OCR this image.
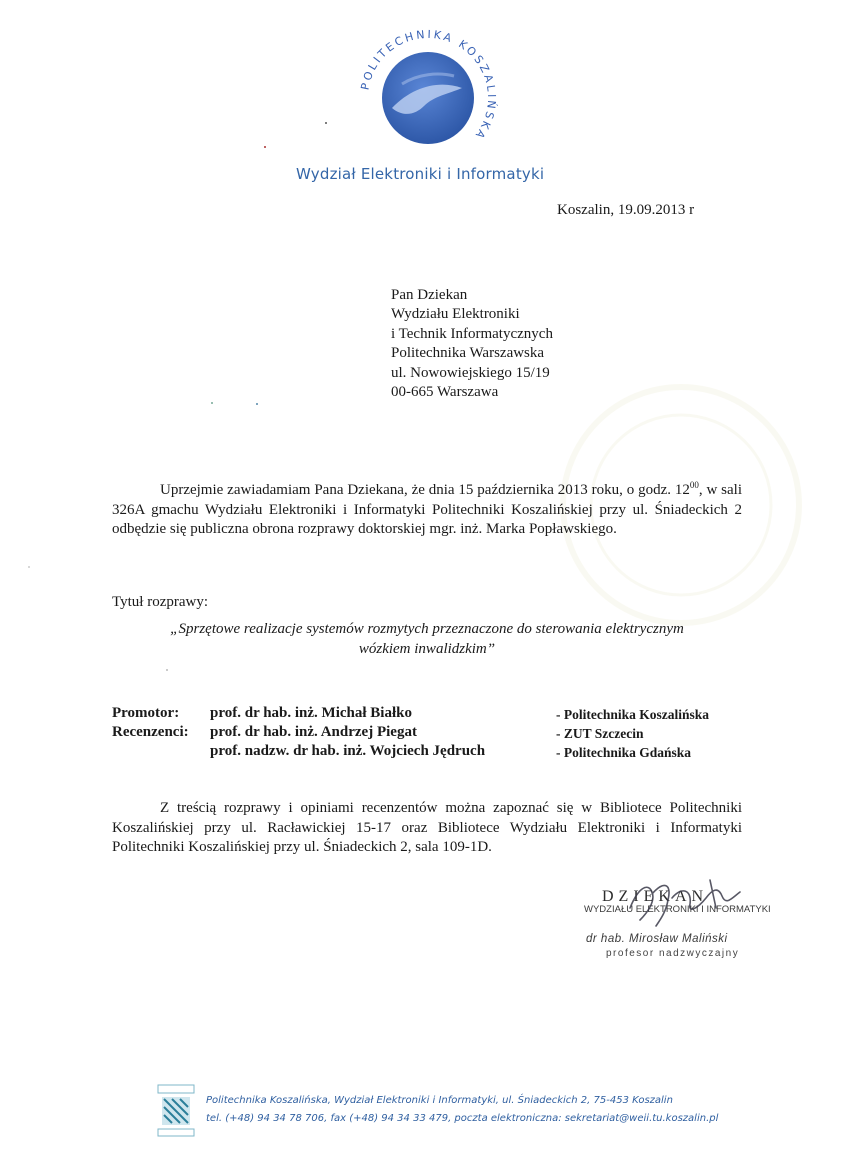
POLITECHNIKA KOSZALIŃSKA
Wydział Elektroniki i Informatyki
Koszalin, 19.09.2013 r
Pan Dziekan
Wydziału Elektroniki
i Technik Informatycznych
Politechnika Warszawska
ul. Nowowiejskiego 15/19
00-665 Warszawa
Uprzejmie zawiadamiam Pana Dziekana, że dnia 15 października 2013 roku, o godz. $12^{00}$, w sali 326A gmachu Wydziału Elektroniki i Informatyki Politechniki Koszalińskiej przy ul. Śniadeckich 2 odbędzie się publiczna obrona rozprawy doktorskiej mgr. inż. Marka Popławskiego.
Tytuł rozprawy:
„Sprzętowe realizacje systemów rozmytych przeznaczone do sterowania elektrycznym
wózkiem inwalidzkim”
Promotor: prof. dr hab. inż. Michał Białko	- Politechnika Koszalińska
Recenzenci: prof. dr hab. inż. Andrzej Piegat	- ZUT Szczecin
prof. nadzw. dr hab. inż. Wojciech Jędruch	- Politechnika Gdańska
Z treścią rozprawy i opiniami recenzentów można zapoznać się w Bibliotece Politechniki Koszalińskiej przy ul. Racławickiej 15-17 oraz Bibliotece Wydziału Elektroniki i Informatyki Politechniki Koszalińskiej przy ul. Śniadeckich 2, sala 109-1D.
DZIEKAN
WYDZIAŁU ELEKTRONIKI I INFORMATYKI
dr hab. Mirosław Maliński
profesor nadzwyczajny
Politechnika Koszalińska, Wydział Elektroniki i Informatyki, ul. Śniadeckich 2, 75-453 Koszalin
tel. (+48) 94 34 78 706, fax (+48) 94 34 33 479, poczta elektroniczna: sekretariat@weii.tu.koszalin.pl
